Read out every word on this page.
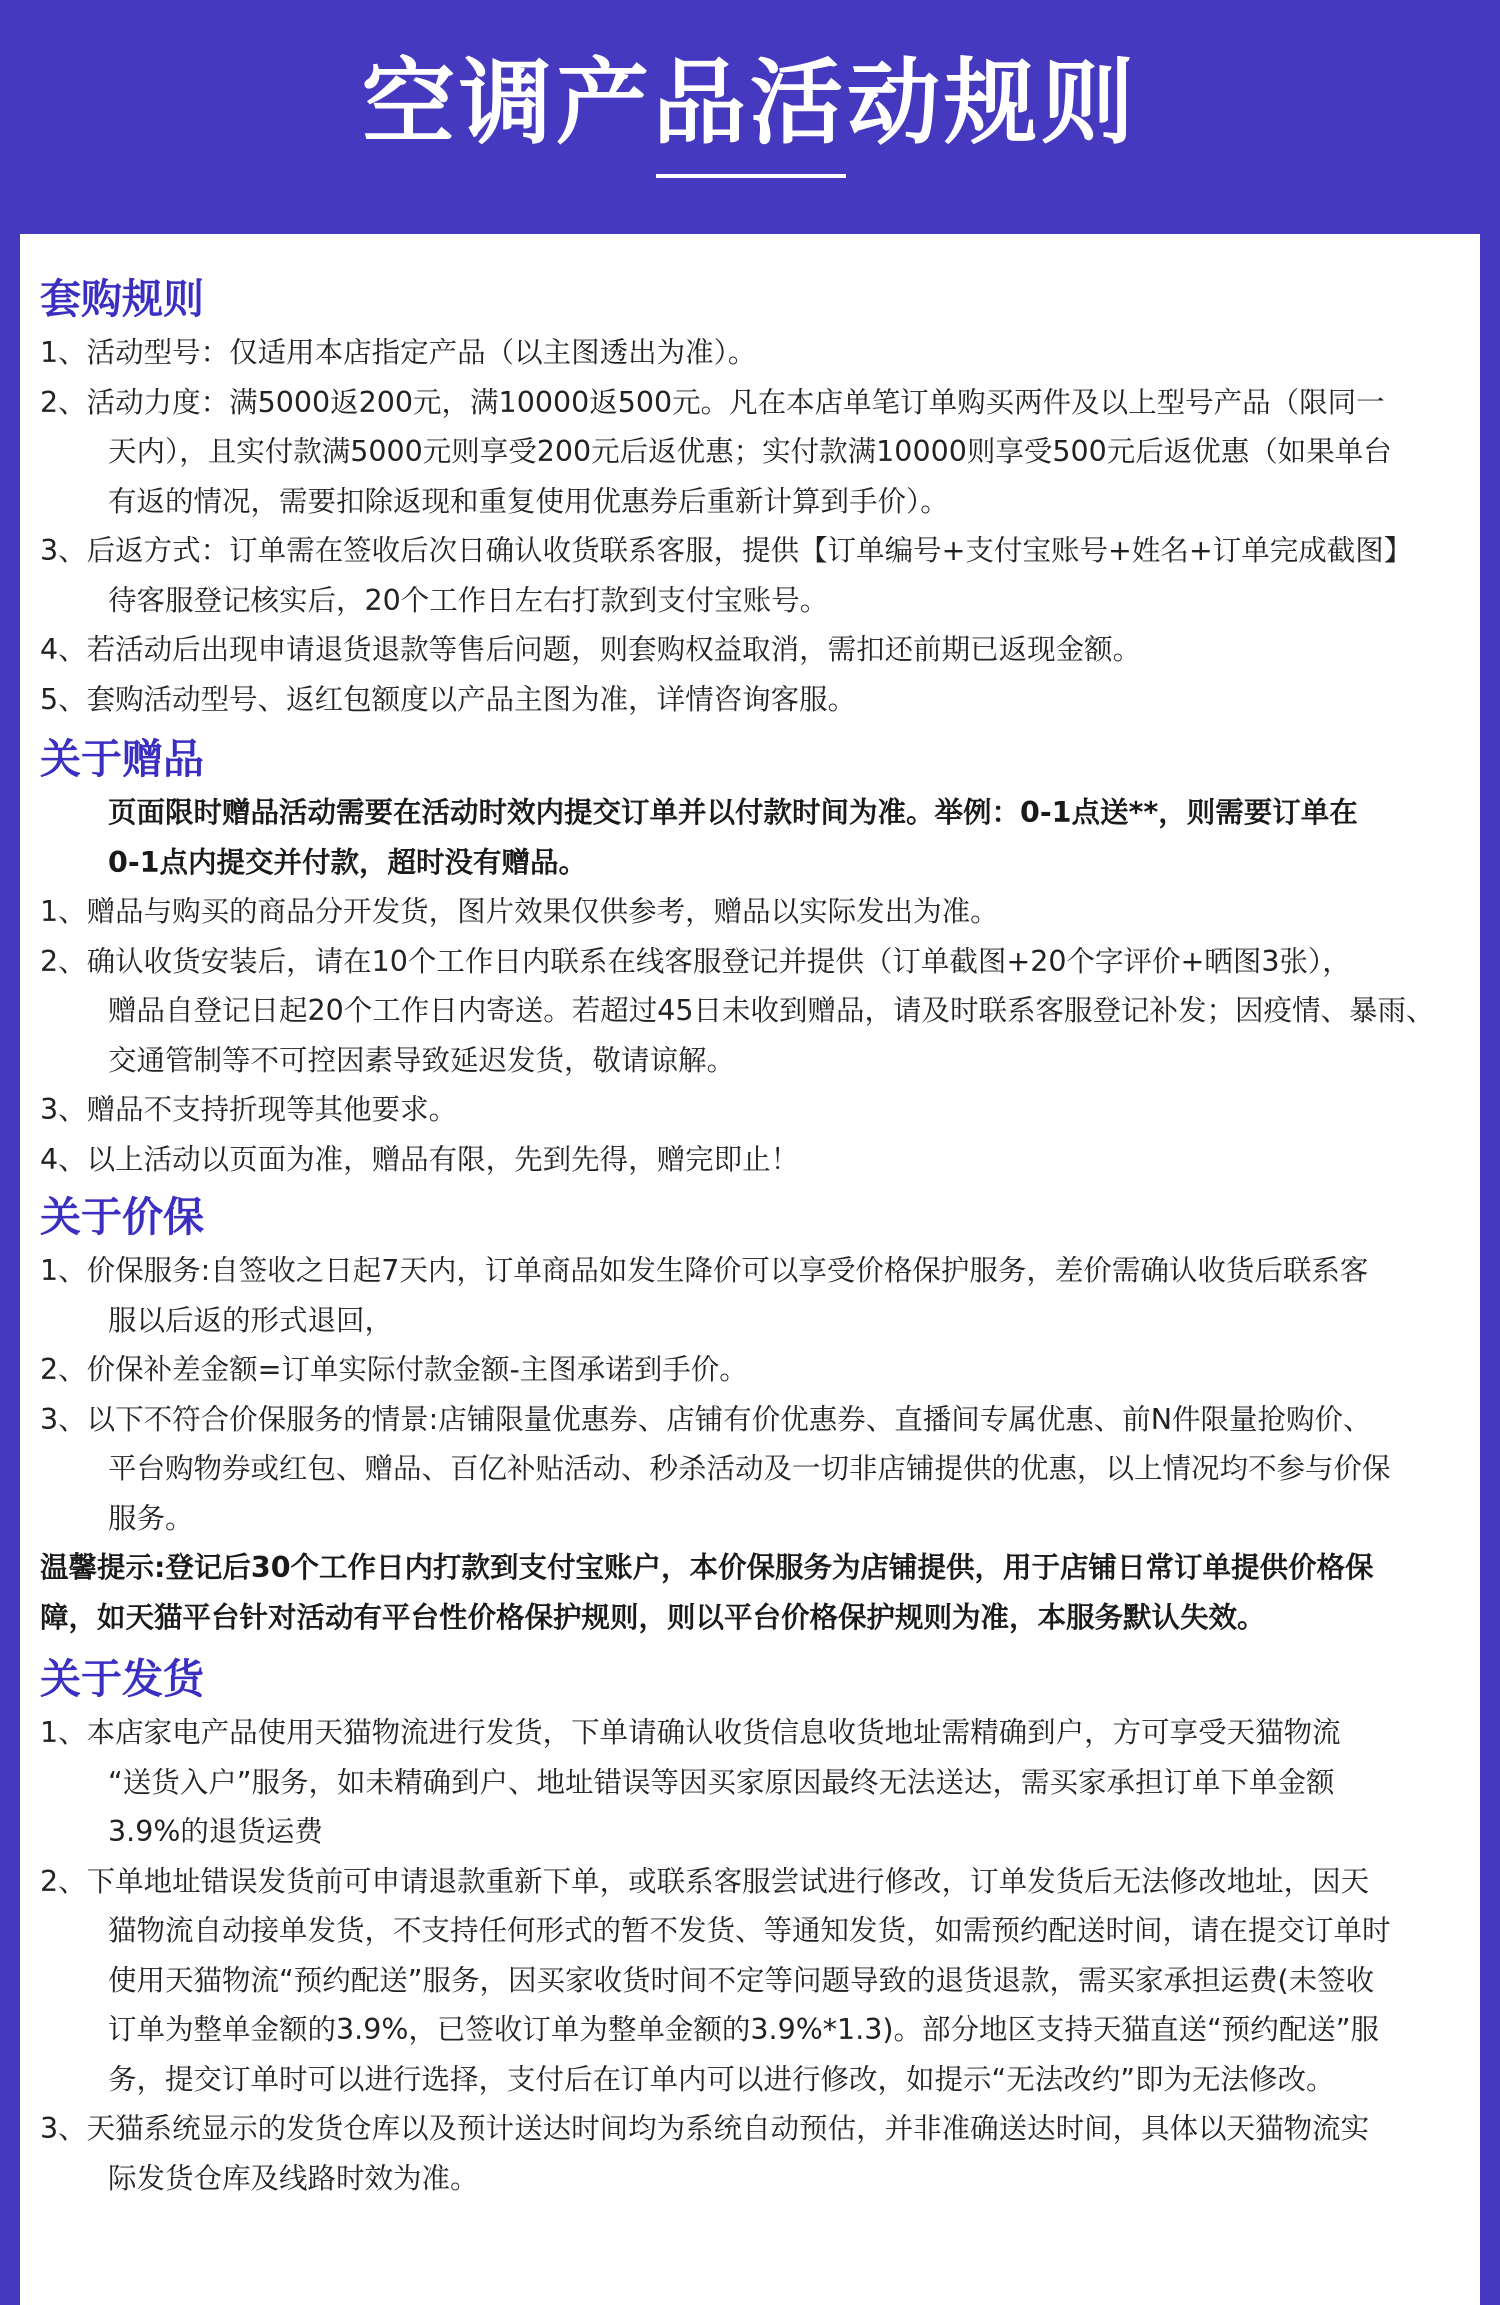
空调产品活动规则
套购规则
1、活动型号：仅适用本店指定产品（以主图透出为准）。
2、活动力度：满5000返200元，满10000返500元。凡在本店单笔订单购买两件及以上型号产品（限同一
天内），且实付款满5000元则享受200元后返优惠；实付款满10000则享受500元后返优惠（如果单台
有返的情况，需要扣除返现和重复使用优惠券后重新计算到手价）。
3、后返方式：订单需在签收后次日确认收货联系客服，提供【订单编号+支付宝账号+姓名+订单完成截图】
待客服登记核实后，20个工作日左右打款到支付宝账号。
4、若活动后出现申请退货退款等售后问题，则套购权益取消，需扣还前期已返现金额。
5、套购活动型号、返红包额度以产品主图为准，详情咨询客服。
关于赠品
页面限时赠品活动需要在活动时效内提交订单并以付款时间为准。举例：0-1点送**，则需要订单在
0-1点内提交并付款，超时没有赠品。
1、赠品与购买的商品分开发货，图片效果仅供参考，赠品以实际发出为准。
2、确认收货安装后，请在10个工作日内联系在线客服登记并提供（订单截图+20个字评价+晒图3张），
赠品自登记日起20个工作日内寄送。若超过45日未收到赠品，请及时联系客服登记补发；因疫情、暴雨、
交通管制等不可控因素导致延迟发货，敬请谅解。
3、赠品不支持折现等其他要求。
4、以上活动以页面为准，赠品有限，先到先得，赠完即止！
关于价保
1、价保服务:自签收之日起7天内，订单商品如发生降价可以享受价格保护服务，差价需确认收货后联系客
服以后返的形式退回，
2、价保补差金额=订单实际付款金额-主图承诺到手价。
3、以下不符合价保服务的情景:店铺限量优惠券、店铺有价优惠券、直播间专属优惠、前N件限量抢购价、
平台购物券或红包、赠品、百亿补贴活动、秒杀活动及一切非店铺提供的优惠，以上情况均不参与价保
服务。
温馨提示:登记后30个工作日内打款到支付宝账户，本价保服务为店铺提供，用于店铺日常订单提供价格保
障，如天猫平台针对活动有平台性价格保护规则，则以平台价格保护规则为准，本服务默认失效。
关于发货
1、本店家电产品使用天猫物流进行发货，下单请确认收货信息收货地址需精确到户，方可享受天猫物流
“送货入户”服务，如未精确到户、地址错误等因买家原因最终无法送达，需买家承担订单下单金额
3.9%的退货运费
2、下单地址错误发货前可申请退款重新下单，或联系客服尝试进行修改，订单发货后无法修改地址，因天
猫物流自动接单发货，不支持任何形式的暂不发货、等通知发货，如需预约配送时间，请在提交订单时
使用天猫物流“预约配送”服务，因买家收货时间不定等问题导致的退货退款，需买家承担运费(未签收
订单为整单金额的3.9%，已签收订单为整单金额的3.9%*1.3)。部分地区支持天猫直送“预约配送”服
务，提交订单时可以进行选择，支付后在订单内可以进行修改，如提示“无法改约”即为无法修改。
3、天猫系统显示的发货仓库以及预计送达时间均为系统自动预估，并非准确送达时间，具体以天猫物流实
际发货仓库及线路时效为准。
